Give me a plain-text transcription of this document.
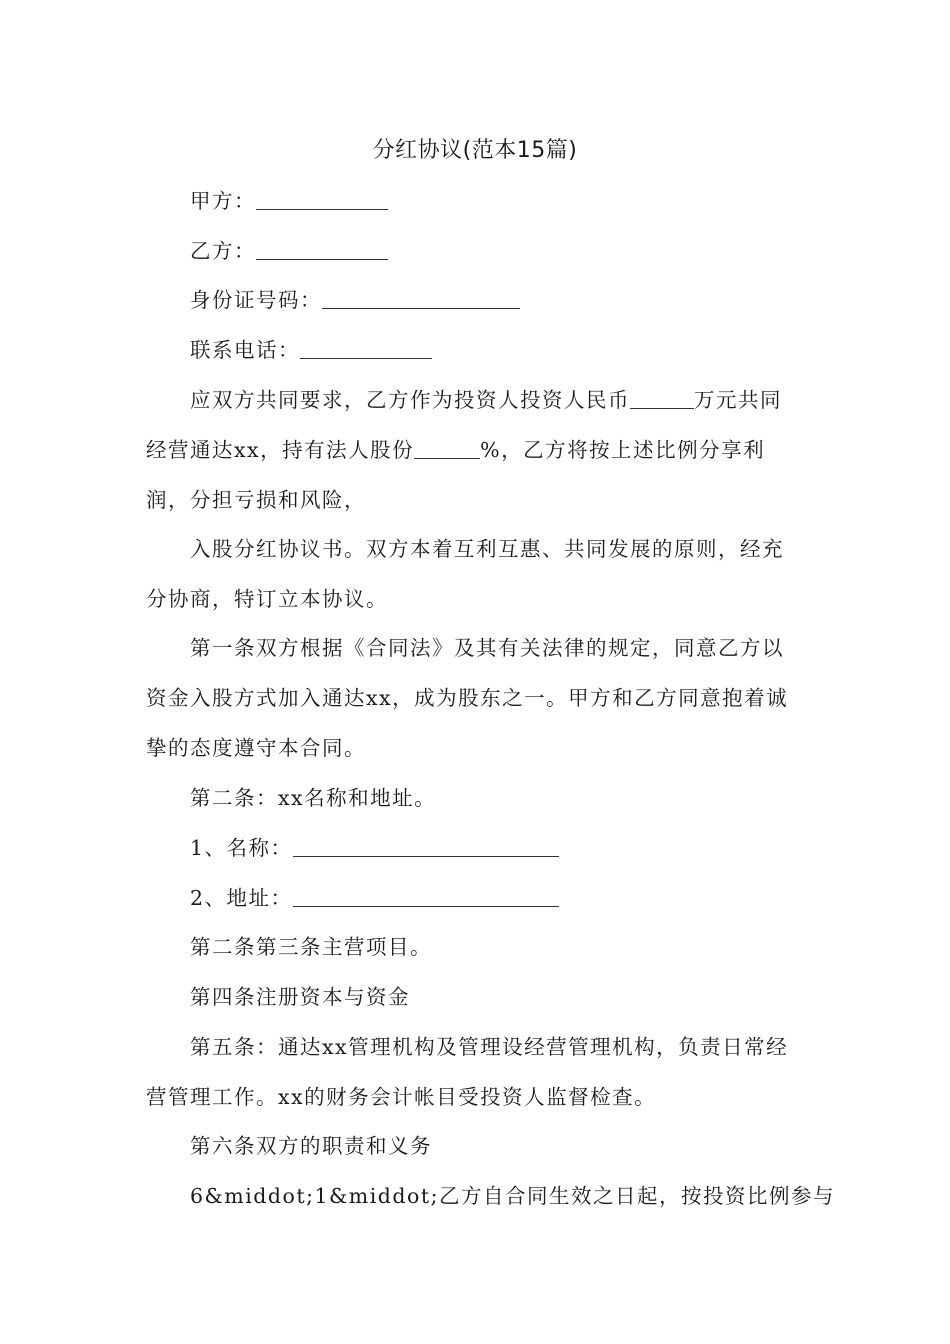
分红协议(范本15篇)
甲方：
乙方：
身份证号码：
联系电话：
应双方共同要求，乙方作为投资人投资人民币	万元共同
经营通达xx，持有法人股份	%，乙方将按上述比例分享利
润，分担亏损和风险，
入股分红协议书。双方本着互利互惠、共同发展的原则，经充
分协商，特订立本协议。
第一条双方根据《合同法》及其有关法律的规定，同意乙方以
资金入股方式加入通达xx，成为股东之一。甲方和乙方同意抱着诚
挚的态度遵守本合同。
第二条：xx名称和地址。
1、名称：
2、地址：
第二条第三条主营项目。
第四条注册资本与资金
第五条：通达xx管理机构及管理设经营管理机构，负责日常经
营管理工作。xx的财务会计帐目受投资人监督检查。
第六条双方的职责和义务
6&middot;1&middot;乙方自合同生效之日起，按投资比例参与
